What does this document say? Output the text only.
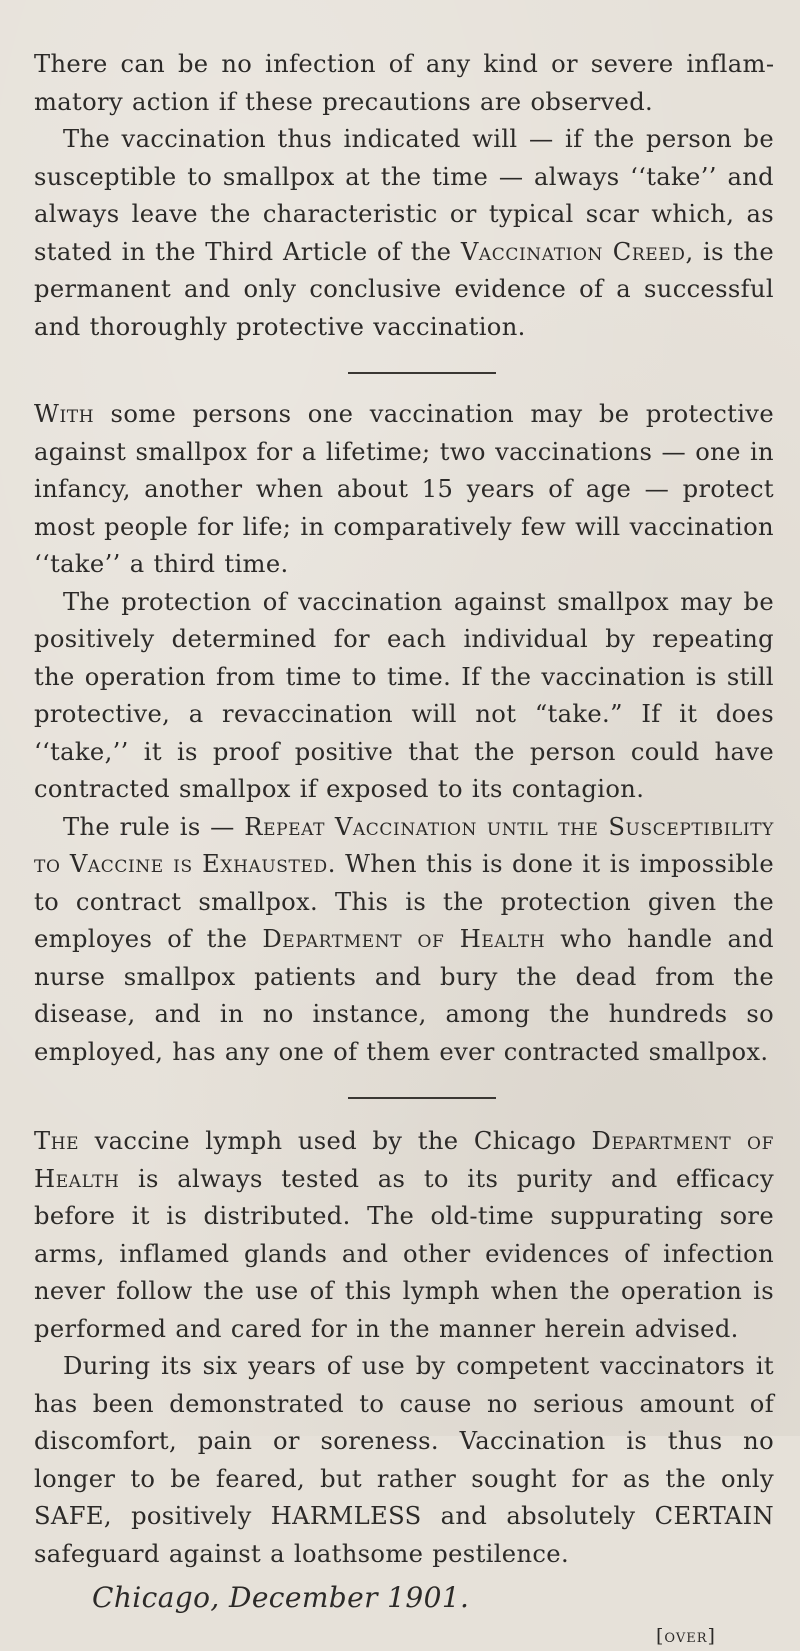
There can be no infection of any kind or severe inflammatory action if these precautions are observed.

The vaccination thus indicated will — if the person be susceptible to smallpox at the time — always ‘‘take’’ and always leave the characteristic or typical scar which, as stated in the Third Article of the Vaccination Creed, is the permanent and only conclusive evidence of a successful and thoroughly protective vaccination.

With some persons one vaccination may be protective against smallpox for a lifetime; two vaccinations — one in infancy, another when about 15 years of age — protect most people for life; in comparatively few will vaccination ‘‘take’’ a third time.

The protection of vaccination against smallpox may be positively determined for each individual by repeating the operation from time to time. If the vaccination is still protective, a revaccination will not “take.” If it does ‘‘take,’’ it is proof positive that the person could have contracted smallpox if exposed to its contagion.

The rule is — Repeat Vaccination until the Susceptibility to Vaccine is Exhausted. When this is done it is impossible to contract smallpox. This is the protection given the employes of the Department of Health who handle and nurse smallpox patients and bury the dead from the disease, and in no instance, among the hundreds so employed, has any one of them ever contracted smallpox.

The vaccine lymph used by the Chicago Department of Health is always tested as to its purity and efficacy before it is distributed. The old-time suppurating sore arms, inflamed glands and other evidences of infection never follow the use of this lymph when the operation is performed and cared for in the manner herein advised.

During its six years of use by competent vaccinators it has been demonstrated to cause no serious amount of discomfort, pain or soreness. Vaccination is thus no longer to be feared, but rather sought for as the only SAFE, positively HARMLESS and absolutely CERTAIN safeguard against a loathsome pestilence.

Chicago, December 1901.
[over]
